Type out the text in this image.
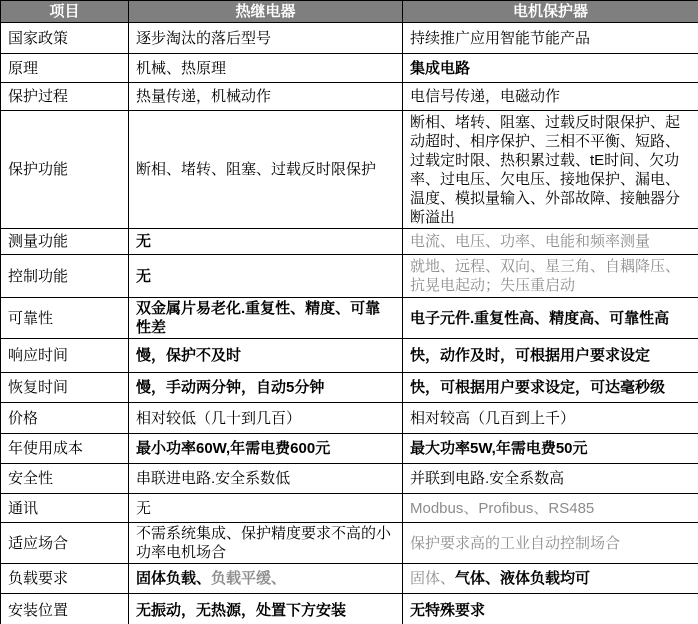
项目	热继电器	电机保护器
国家政策	逐步淘汰的落后型号	持续推广应用智能节能产品
原理	机械、热原理	集成电路
保护过程	热量传递，机械动作	电信号传递，电磁动作
保护功能	断相、堵转、阻塞、过载反时限保护	断相、堵转、阻塞、过载反时限保护、起动超时、相序保护、三相不平衡、短路、过载定时限、热积累过载、tE时间、欠功率、过电压、欠电压、接地保护、漏电、温度、模拟量输入、外部故障、接触器分断溢出
测量功能	无	电流、电压、功率、电能和频率测量
控制功能	无	就地、远程、双向、星三角、自耦降压、抗晃电起动；失压重启动
可靠性	双金属片易老化.重复性、精度、可靠性差	电子元件.重复性高、精度高、可靠性高
响应时间	慢，保护不及时	快，动作及时，可根据用户要求设定
恢复时间	慢，手动两分钟，自动5分钟	快，可根据用户要求设定，可达毫秒级
价格	相对较低（几十到几百）	相对较高（几百到上千）
年使用成本	最小功率60W,年需电费600元	最大功率5W,年需电费50元
安全性	串联进电路.安全系数低	并联到电路.安全系数高
通讯	无	Modbus、Profibus、RS485
适应场合	不需系统集成、保护精度要求不高的小功率电机场合	保护要求高的工业自动控制场合
负载要求	固体负载、负载平缓、	固体、气体、液体负载均可
安装位置	无振动，无热源，处置下方安装	无特殊要求
